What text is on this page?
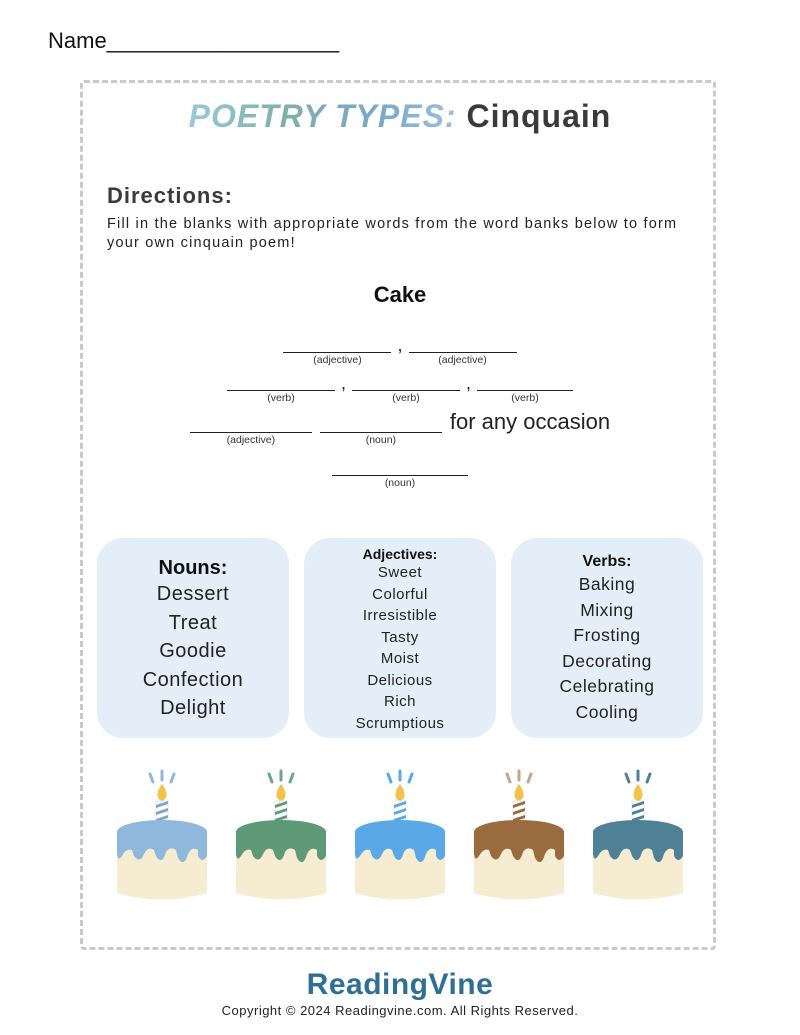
Name___________________
POETRY TYPES: Cinquain
Directions:
Fill in the blanks with appropriate words from the word banks below to form your own cinquain poem!
Cake
(adjective)
,
(adjective)
(verb)
,
(verb)
,
(verb)
(adjective)	(noun)
for any occasion
(noun)
Nouns:
Dessert
Treat
Goodie
Confection
Delight
Adjectives:
Sweet
Colorful
Irresistible
Tasty
Moist
Delicious
Rich
Scrumptious
Verbs:
Baking
Mixing
Frosting
Decorating
Celebrating
Cooling
ReadingVine
Copyright © 2024 Readingvine.com. All Rights Reserved.
